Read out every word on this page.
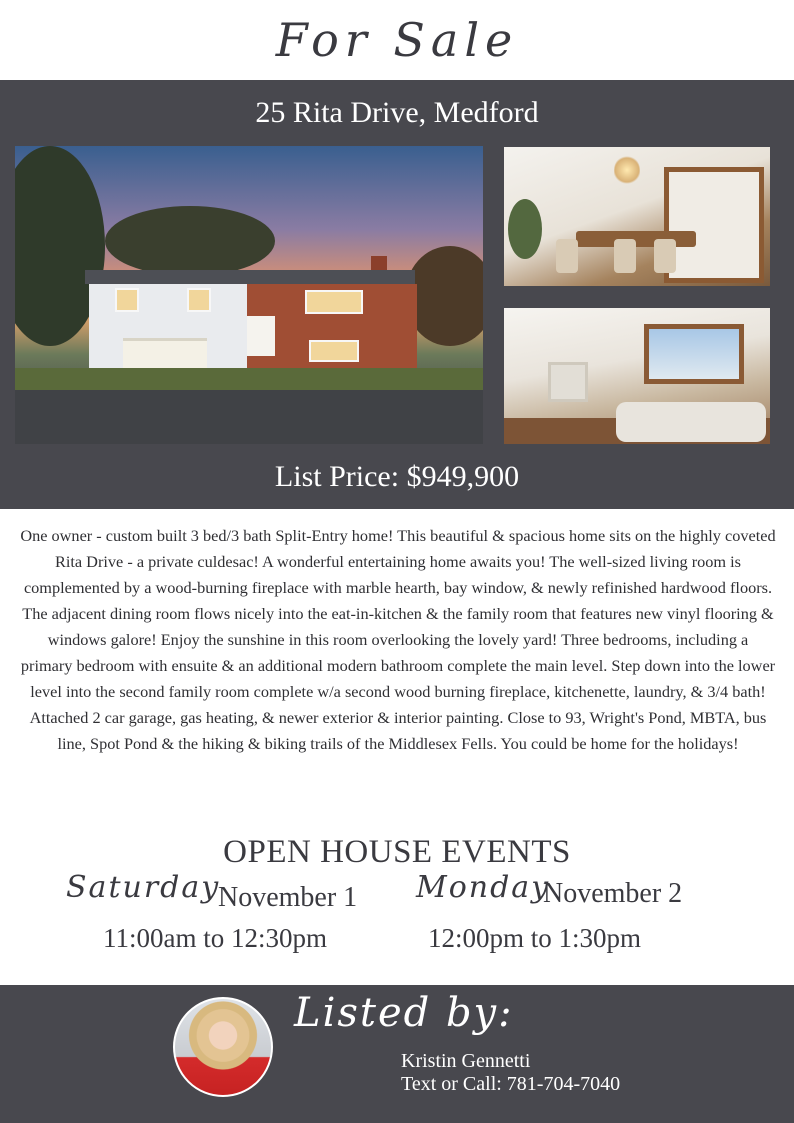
For Sale
25 Rita Drive, Medford
List Price: $949,900

One owner - custom built 3 bed/3 bath Split-Entry home! This beautiful & spacious home sits on the highly coveted Rita Drive - a private culdesac! A wonderful entertaining home awaits you! The well-sized living room is complemented by a wood-burning fireplace with marble hearth, bay window, & newly refinished hardwood floors. The adjacent dining room flows nicely into the eat-in-kitchen & the family room that features new vinyl flooring & windows galore! Enjoy the sunshine in this room overlooking the lovely yard! Three bedrooms, including a primary bedroom with ensuite & an additional modern bathroom complete the main level. Step down into the lower level into the second family room complete w/a second wood burning fireplace, kitchenette, laundry, & 3/4 bath! Attached 2 car garage, gas heating, & newer exterior & interior painting. Close to 93, Wright's Pond, MBTA, bus line, Spot Pond & the hiking & biking trails of the Middlesex Fells. You could be home for the holidays!

OPEN HOUSE EVENTS
Saturday
November 1
11:00am to 12:30pm
Monday
November 2
12:00pm to 1:30pm
Listed by:
Kristin Gennetti
Text or Call: 781-704-7040
